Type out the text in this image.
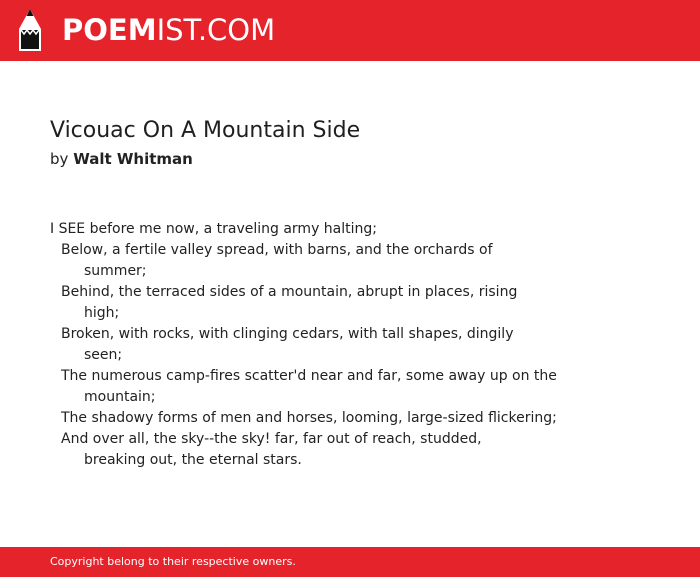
POEMIST.COM
Vicouac On A Mountain Side
by Walt Whitman
I SEE before me now, a traveling army halting;
Below, a fertile valley spread, with barns, and the orchards of
summer;
Behind, the terraced sides of a mountain, abrupt in places, rising
high;
Broken, with rocks, with clinging cedars, with tall shapes, dingily
seen;
The numerous camp-fires scatter'd near and far, some away up on the
mountain;
The shadowy forms of men and horses, looming, large-sized flickering;
And over all, the sky--the sky! far, far out of reach, studded,
breaking out, the eternal stars.
Copyright belong to their respective owners.
